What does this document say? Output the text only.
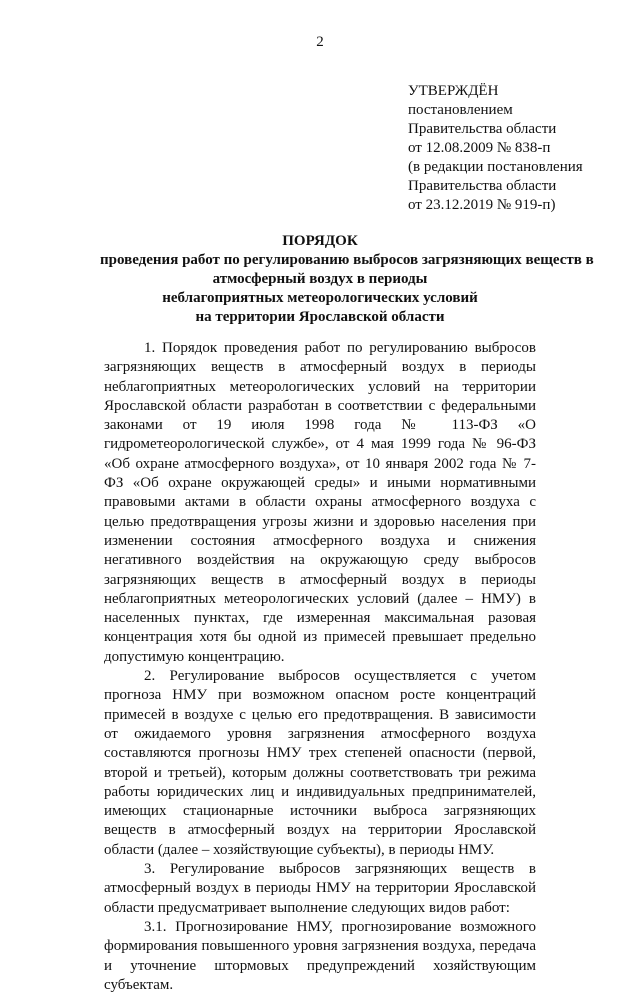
2
УТВЕРЖДЁН
постановлением
Правительства области
от 12.08.2009 № 838-п
(в редакции постановления
Правительства области
от 23.12.2019 № 919-п)
ПОРЯДОК
проведения работ по регулированию выбросов загрязняющих веществ в
атмосферный воздух в периоды
неблагоприятных метеорологических условий
на территории Ярославской области

1. Порядок проведения работ по регулированию выбросов загрязняющих веществ в атмосферный воздух в периоды неблагоприятных метеорологических условий на территории Ярославской области разработан в соответствии с федеральными законами от 19 июля 1998 года № 113-ФЗ «О гидрометеорологической службе», от 4 мая 1999 года № 96-ФЗ «Об охране атмосферного воздуха», от 10 января 2002 года № 7-ФЗ «Об охране окружающей среды» и иными нормативными правовыми актами в области охраны атмосферного воздуха с целью предотвращения угрозы жизни и здоровью населения при изменении состояния атмосферного воздуха и снижения негативного воздействия на окружающую среду выбросов загрязняющих веществ в атмосферный воздух в периоды неблагоприятных метеорологических условий (далее – НМУ) в населенных пунктах, где измеренная максимальная разовая концентрация хотя бы одной из примесей превышает предельно допустимую концентрацию.

2. Регулирование выбросов осуществляется с учетом прогноза НМУ при возможном опасном росте концентраций примесей в воздухе с целью его предотвращения. В зависимости от ожидаемого уровня загрязнения атмосферного воздуха составляются прогнозы НМУ трех степеней опасности (первой, второй и третьей), которым должны соответствовать три режима работы юридических лиц и индивидуальных предпринимателей, имеющих стационарные источники выброса загрязняющих веществ в атмосферный воздух на территории Ярославской области (далее – хозяйствующие субъекты), в периоды НМУ.

3. Регулирование выбросов загрязняющих веществ в атмосферный воздух в периоды НМУ на территории Ярославской области предусматривает выполнение следующих видов работ:

3.1. Прогнозирование НМУ, прогнозирование возможного формирования повышенного уровня загрязнения воздуха, передача и уточнение штормовых предупреждений хозяйствующим субъектам.
